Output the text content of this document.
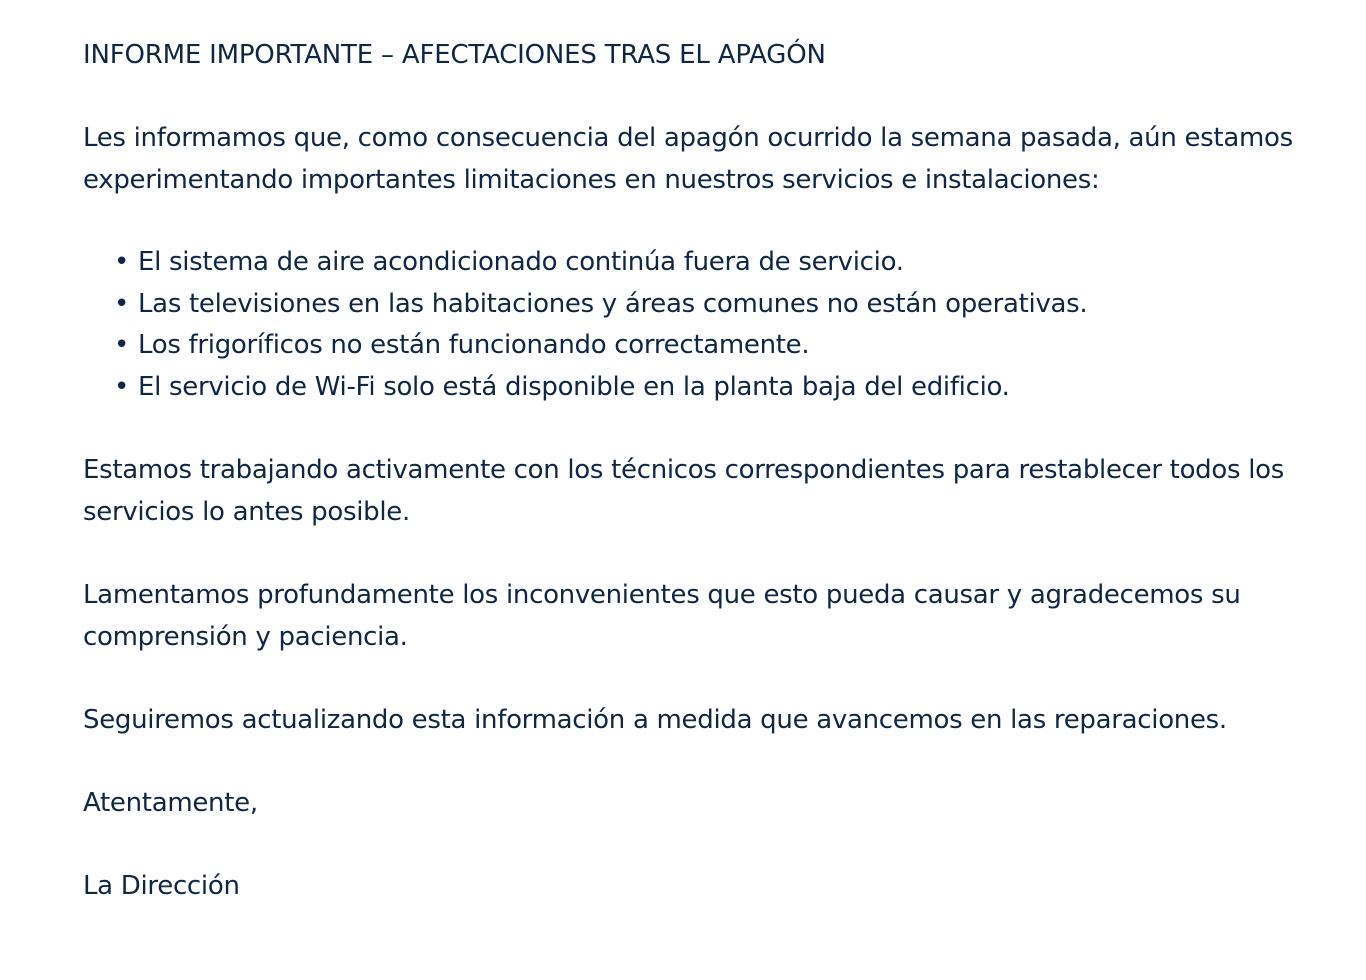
INFORME IMPORTANTE – AFECTACIONES TRAS EL APAGÓN

Les informamos que, como consecuencia del apagón ocurrido la semana pasada, aún estamos experimentando importantes limitaciones en nuestros servicios e instalaciones:

• El sistema de aire acondicionado continúa fuera de servicio.
• Las televisiones en las habitaciones y áreas comunes no están operativas.
• Los frigoríficos no están funcionando correctamente.
• El servicio de Wi-Fi solo está disponible en la planta baja del edificio.

Estamos trabajando activamente con los técnicos correspondientes para restablecer todos los servicios lo antes posible.

Lamentamos profundamente los inconvenientes que esto pueda causar y agradecemos su comprensión y paciencia.

Seguiremos actualizando esta información a medida que avancemos en las reparaciones.

Atentamente,

La Dirección
